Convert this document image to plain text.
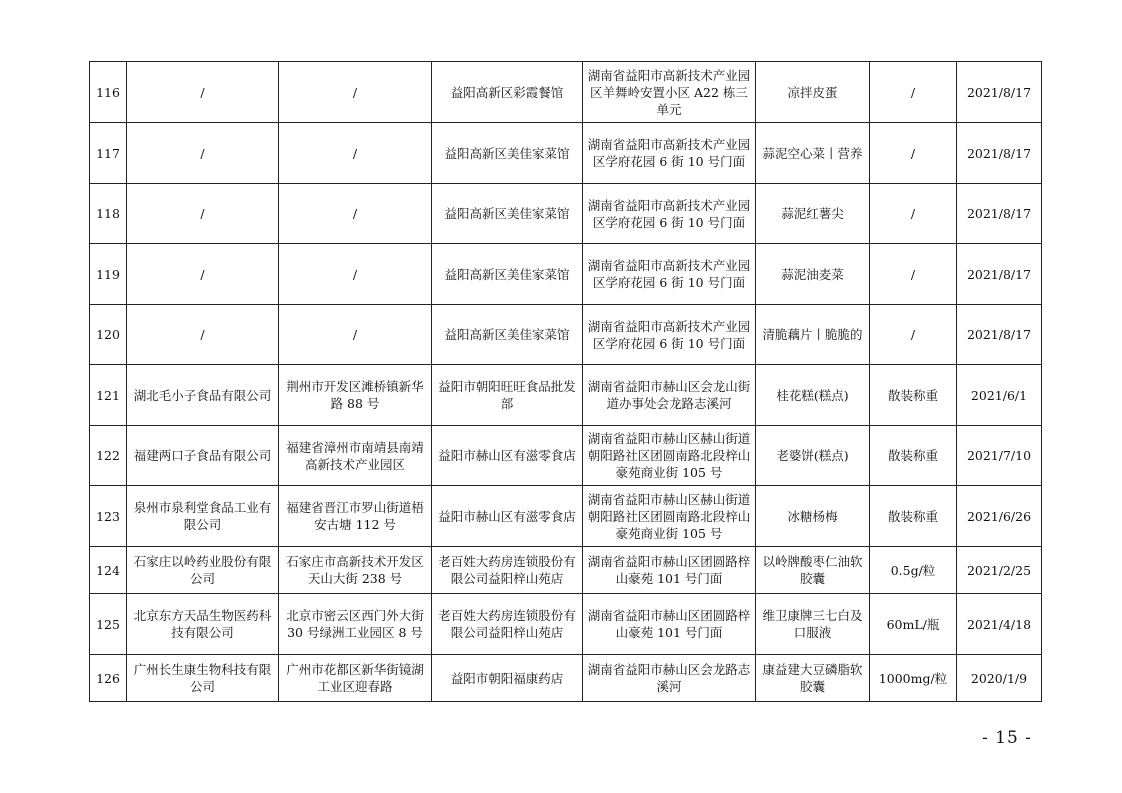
116	/	/	益阳高新区彩霞餐馆	湖南省益阳市高新技术产业园区羊舞岭安置小区 A22 栋三单元	凉拌皮蛋	/	2021/8/17
117	/	/	益阳高新区美佳家菜馆	湖南省益阳市高新技术产业园区学府花园 6 街 10 号门面	蒜泥空心菜丨营养	/	2021/8/17
118	/	/	益阳高新区美佳家菜馆	湖南省益阳市高新技术产业园区学府花园 6 街 10 号门面	蒜泥红薯尖	/	2021/8/17
119	/	/	益阳高新区美佳家菜馆	湖南省益阳市高新技术产业园区学府花园 6 街 10 号门面	蒜泥油麦菜	/	2021/8/17
120	/	/	益阳高新区美佳家菜馆	湖南省益阳市高新技术产业园区学府花园 6 街 10 号门面	清脆藕片丨脆脆的	/	2021/8/17
121	湖北毛小子食品有限公司	荆州市开发区滩桥镇新华路 88 号	益阳市朝阳旺旺食品批发部	湖南省益阳市赫山区会龙山街道办事处会龙路志溪河	桂花糕(糕点)	散装称重	2021/6/1
122	福建两口子食品有限公司	福建省漳州市南靖县南靖高新技术产业园区	益阳市赫山区有滋零食店	湖南省益阳市赫山区赫山街道朝阳路社区团圆南路北段梓山豪苑商业街 105 号	老婆饼(糕点)	散装称重	2021/7/10
123	泉州市泉利堂食品工业有限公司	福建省晋江市罗山街道梧安古塘 112 号	益阳市赫山区有滋零食店	湖南省益阳市赫山区赫山街道朝阳路社区团圆南路北段梓山豪苑商业街 105 号	冰糖杨梅	散装称重	2021/6/26
124	石家庄以岭药业股份有限公司	石家庄市高新技术开发区天山大街 238 号	老百姓大药房连锁股份有限公司益阳梓山苑店	湖南省益阳市赫山区团圆路梓山豪苑 101 号门面	以岭牌酸枣仁油软胶囊	0.5g/粒	2021/2/25
125	北京东方天品生物医药科技有限公司	北京市密云区西门外大街 30 号绿洲工业园区 8 号	老百姓大药房连锁股份有限公司益阳梓山苑店	湖南省益阳市赫山区团圆路梓山豪苑 101 号门面	维卫康牌三七白及口服液	60mL/瓶	2021/4/18
126	广州长生康生物科技有限公司	广州市花都区新华街镜湖工业区迎春路	益阳市朝阳福康药店	湖南省益阳市赫山区会龙路志溪河	康益建大豆磷脂软胶囊	1000mg/粒	2020/1/9
- 15 -
